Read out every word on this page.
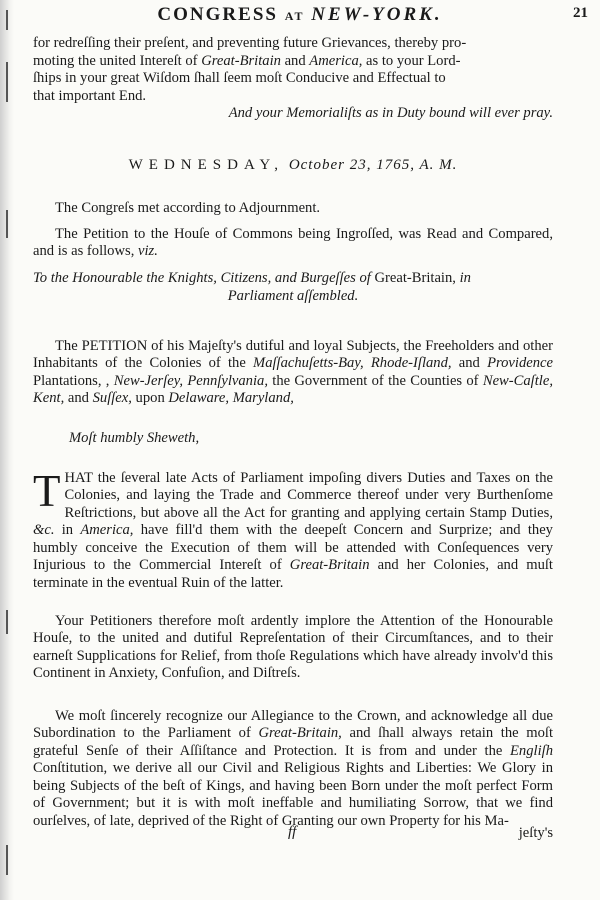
CONGRESS AT NEW-YORK.	21
for redreſſing their preſent, and preventing future Grievances, thereby pro-
moting the united Intereſt of Great-Britain and America, as to your Lord-
ſhips in your great Wiſdom ſhall ſeem moſt Conducive and Effectual to
that important End.
And your Memorialiſts as in Duty bound will ever pray.
WEDNESDAY, October 23, 1765, A. M.

The Congreſs met according to Adjournment.

The Petition to the Houſe of Commons being Ingroſſed, was Read and Compared, and is as follows, viz.

To the Honourable the Knights, Citizens, and Burgeſſes of Great-Britain, in
Parliament aſſembled.

The PETITION of his Majeſty's dutiful and loyal Subjects, the Freeholders and other Inhabitants of the Colonies of the Maſſachuſetts-Bay, Rhode-Iſland, and Providence Plantations, , New-Jerſey, Pennſylvania, the Government of the Counties of New-Caſtle, Kent, and Suſſex, upon Delaware, Maryland,

Moſt humbly Sheweth,

THAT the ſeveral late Acts of Parliament impoſing divers Duties and Taxes on the Colonies, and laying the Trade and Commerce thereof under very Burthenſome Reſtrictions, but above all the Act for granting and applying certain Stamp Duties, &c. in America, have fill'd them with the deepeſt Concern and Surprize; and they humbly conceive the Execution of them will be attended with Conſequences very Injurious to the Commercial Intereſt of Great-Britain and her Colonies, and muſt terminate in the eventual Ruin of the latter.

Your Petitioners therefore moſt ardently implore the Attention of the Honourable Houſe, to the united and dutiful Repreſentation of their Circumſtances, and to their earneſt Supplications for Relief, from thoſe Regulations which have already involv'd this Continent in Anxiety, Confuſion, and Diſtreſs.

We moſt ſincerely recognize our Allegiance to the Crown, and acknowledge all due Subordination to the Parliament of Great-Britain, and ſhall always retain the moſt grateful Senſe of their Aſſiſtance and Protection. It is from and under the Engliſh Conſtitution, we derive all our Civil and Religious Rights and Liberties: We Glory in being Subjects of the beſt of Kings, and having been Born under the moſt perfect Form of Government; but it is with moſt ineffable and humiliating Sorrow, that we find ourſelves, of late, deprived of the Right of Granting our own Property for his Ma-

ff	jeſty's
